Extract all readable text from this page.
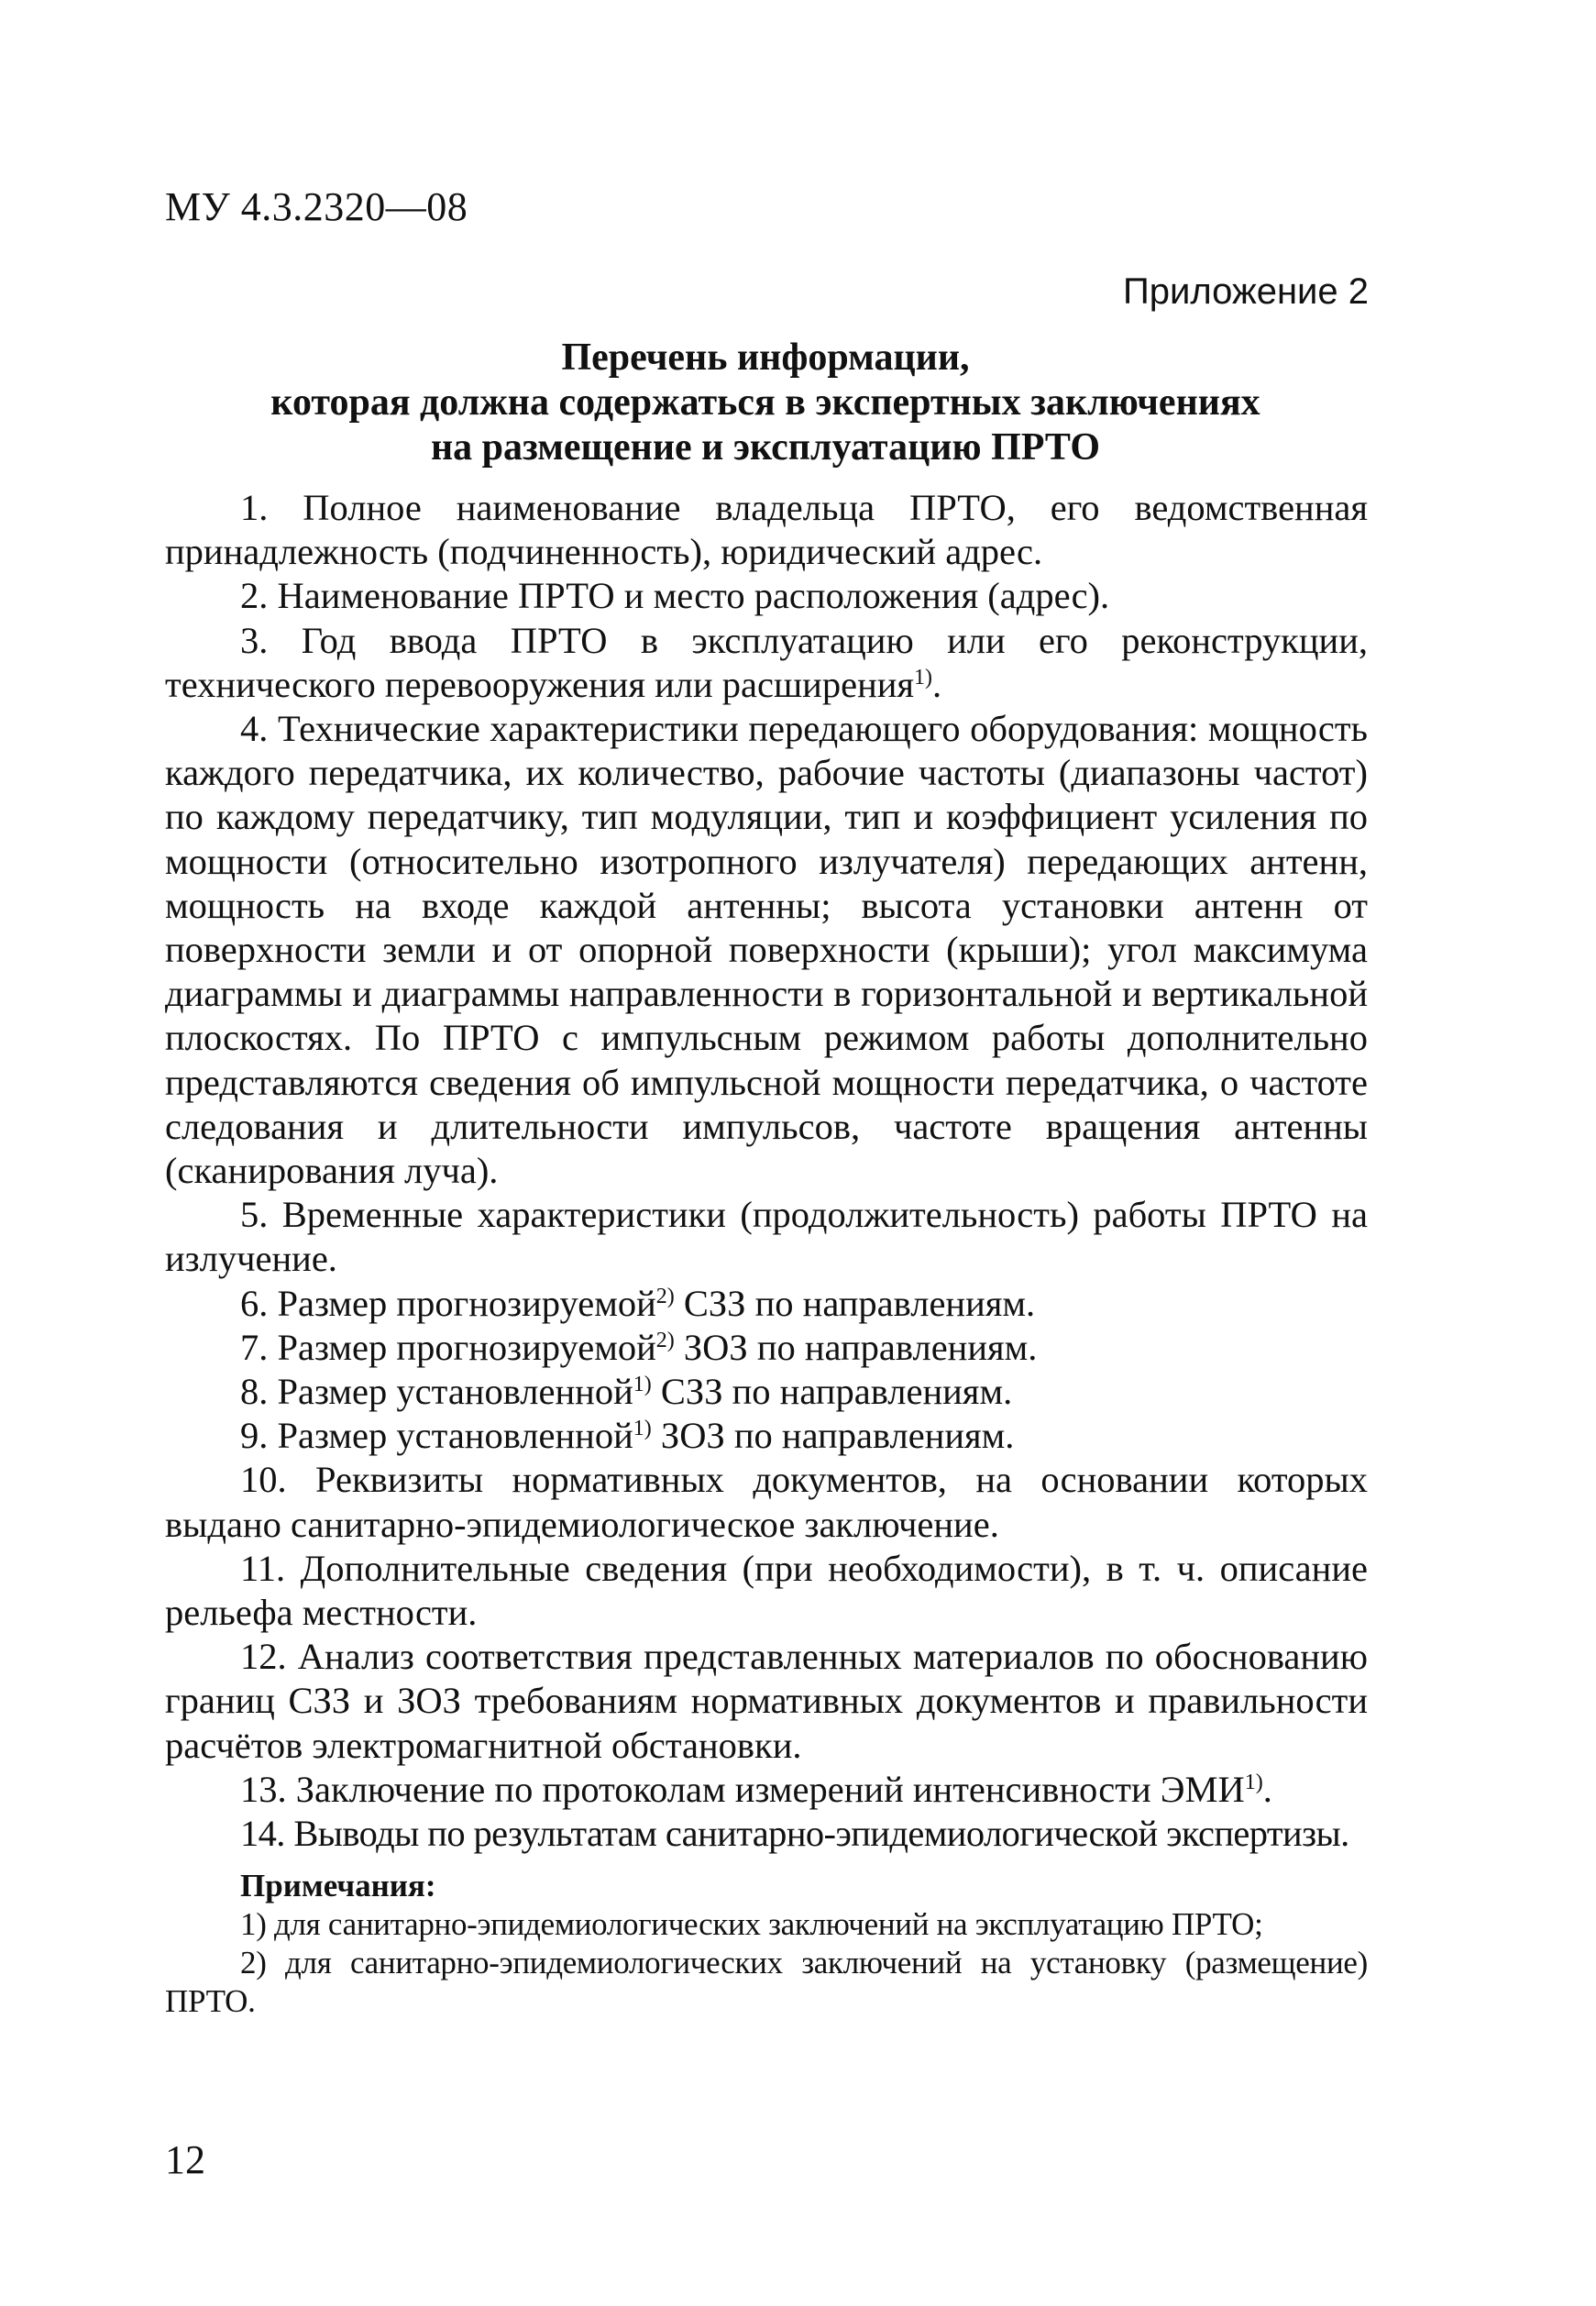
МУ 4.3.2320—08
Приложение 2
Перечень информации,
которая должна содержаться в экспертных заключениях
на размещение и эксплуатацию ПРТО

1. Полное наименование владельца ПРТО, его ведомственная принадлежность (подчиненность), юридический адрес.

2. Наименование ПРТО и место расположения (адрес).

3. Год ввода ПРТО в эксплуатацию или его реконструкции, технического перевооружения или расширения$^{1)}$.

4. Технические характеристики передающего оборудования: мощность каждого передатчика, их количество, рабочие частоты (диапазоны частот) по каждому передатчику, тип модуляции, тип и коэффициент усиления по мощности (относительно изотропного излучателя) передающих антенн, мощность на входе каждой антенны; высота установки антенн от поверхности земли и от опорной поверхности (крыши); угол максимума диаграммы и диаграммы направленности в горизонтальной и вертикальной плоскостях. По ПРТО с импульсным режимом работы дополнительно представляются сведения об импульсной мощности передатчика, о частоте следования и длительности импульсов, частоте вращения антенны (сканирования луча).

5. Временные характеристики (продолжительность) работы ПРТО на излучение.

6. Размер прогнозируемой$^{2)}$ СЗЗ по направлениям.

7. Размер прогнозируемой$^{2)}$ ЗОЗ по направлениям.

8. Размер установленной$^{1)}$ СЗЗ по направлениям.

9. Размер установленной$^{1)}$ ЗОЗ по направлениям.

10. Реквизиты нормативных документов, на основании которых выдано санитарно-эпидемиологическое заключение.

11. Дополнительные сведения (при необходимости), в т. ч. описание рельефа местности.

12. Анализ соответствия представленных материалов по обоснованию границ СЗЗ и ЗОЗ требованиям нормативных документов и правильности расчётов электромагнитной обстановки.

13. Заключение по протоколам измерений интенсивности ЭМИ$^{1)}$.

14. Выводы по результатам санитарно-эпидемиологической экспертизы.

Примечания:

1) для санитарно-эпидемиологических заключений на эксплуатацию ПРТО;

2) для санитарно-эпидемиологических заключений на установку (размещение) ПРТО.

12
